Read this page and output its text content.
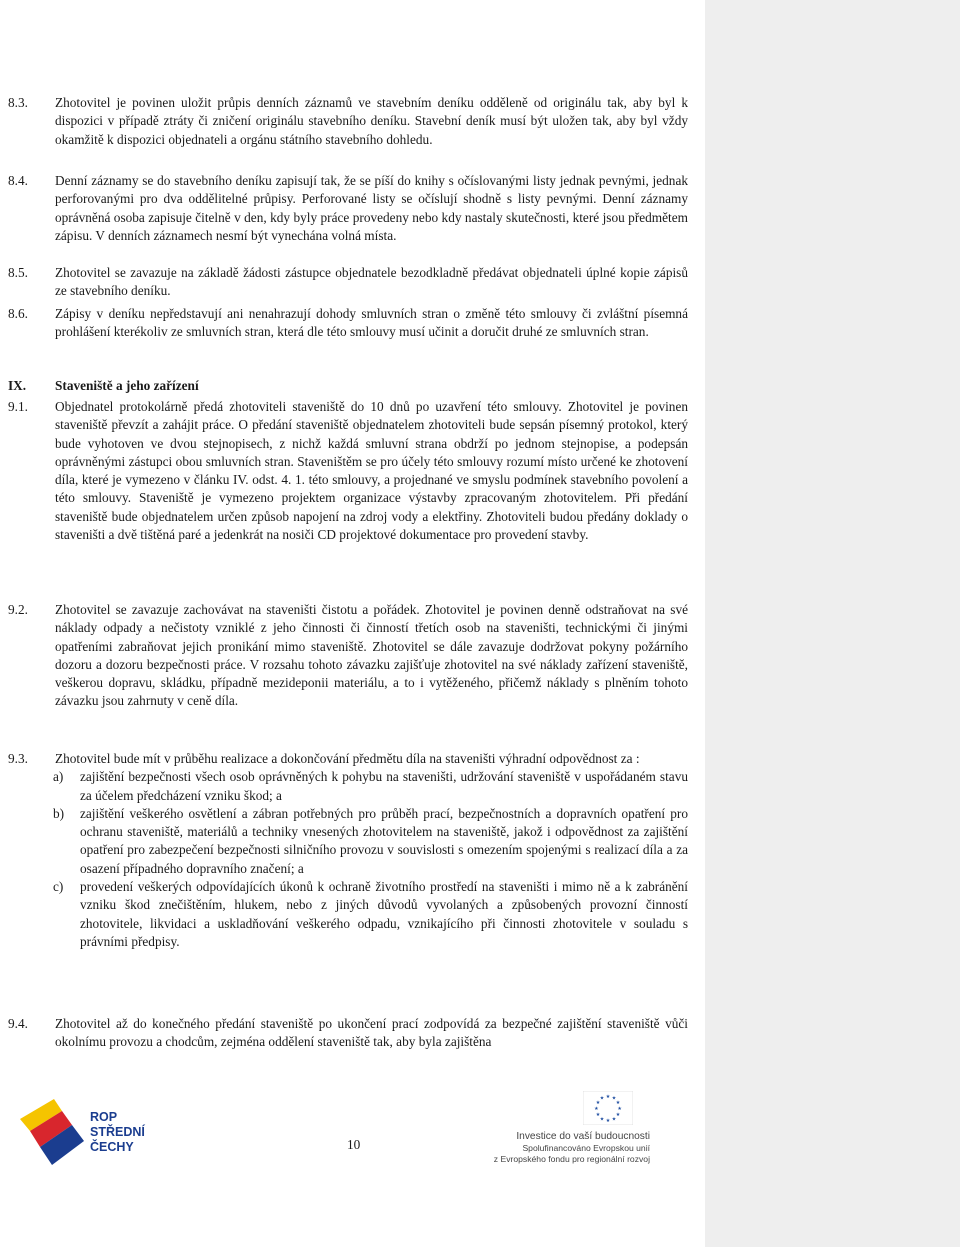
8.3. Zhotovitel je povinen uložit průpis denních záznamů ve stavebním deníku odděleně od originálu tak, aby byl k dispozici v případě ztráty či zničení originálu stavebního deníku. Stavební deník musí být uložen tak, aby byl vždy okamžitě k dispozici objednateli a orgánu státního stavebního dohledu.
8.4. Denní záznamy se do stavebního deníku zapisují tak, že se píší do knihy s očíslovanými listy jednak pevnými, jednak perforovanými pro dva oddělitelné průpisy. Perforované listy se očíslují shodně s listy pevnými. Denní záznamy oprávněná osoba zapisuje čitelně v den, kdy byly práce provedeny nebo kdy nastaly skutečnosti, které jsou předmětem zápisu. V denních záznamech nesmí být vynechána volná místa.
8.5. Zhotovitel se zavazuje na základě žádosti zástupce objednatele bezodkladně předávat objednateli úplné kopie zápisů ze stavebního deníku.
8.6. Zápisy v deníku nepředstavují ani nenahrazují dohody smluvních stran o změně této smlouvy či zvláštní písemná prohlášení kterékoliv ze smluvních stran, která dle této smlouvy musí učinit a doručit druhé ze smluvních stran.
IX. Staveniště a jeho zařízení
9.1. Objednatel protokolárně předá zhotoviteli staveniště do 10 dnů po uzavření této smlouvy. Zhotovitel je povinen staveniště převzít a zahájit práce. O předání staveniště objednatelem zhotoviteli bude sepsán písemný protokol, který bude vyhotoven ve dvou stejnopisech, z nichž každá smluvní strana obdrží po jednom stejnopise, a podepsán oprávněnými zástupci obou smluvních stran. Staveništěm se pro účely této smlouvy rozumí místo určené ke zhotovení díla, které je vymezeno v článku IV. odst. 4. 1. této smlouvy, a projednané ve smyslu podmínek stavebního povolení a této smlouvy. Staveniště je vymezeno projektem organizace výstavby zpracovaným zhotovitelem. Při předání staveniště bude objednatelem určen způsob napojení na zdroj vody a elektřiny. Zhotoviteli budou předány doklady o staveništi a dvě tištěná paré a jedenkrát na nosiči CD projektové dokumentace pro provedení stavby.
9.2. Zhotovitel se zavazuje zachovávat na staveništi čistotu a pořádek. Zhotovitel je povinen denně odstraňovat na své náklady odpady a nečistoty vzniklé z jeho činnosti či činností třetích osob na staveništi, technickými či jinými opatřeními zabraňovat jejich pronikání mimo staveniště. Zhotovitel se dále zavazuje dodržovat pokyny požárního dozoru a dozoru bezpečnosti práce. V rozsahu tohoto závazku zajišťuje zhotovitel na své náklady zařízení staveniště, veškerou dopravu, skládku, případně mezideponii materiálu, a to i vytěženého, přičemž náklady s plněním tohoto závazku jsou zahrnuty v ceně díla.
9.3. Zhotovitel bude mít v průběhu realizace a dokončování předmětu díla na staveništi výhradní odpovědnost za :
a) zajištění bezpečnosti všech osob oprávněných k pohybu na staveništi, udržování staveniště v uspořádaném stavu za účelem předcházení vzniku škod; a
b) zajištění veškerého osvětlení a zábran potřebných pro průběh prací, bezpečnostních a dopravních opatření pro ochranu staveniště, materiálů a techniky vnesených zhotovitelem na staveniště, jakož i odpovědnost za zajištění opatření pro zabezpečení bezpečnosti silničního provozu v souvislosti s omezením spojenými s realizací díla a za osazení případného dopravního značení; a
c) provedení veškerých odpovídajících úkonů k ochraně životního prostředí na staveništi i mimo ně a k zabránění vzniku škod znečištěním, hlukem, nebo z jiných důvodů vyvolaných a způsobených provozní činností zhotovitele, likvidaci a uskladňování veškerého odpadu, vznikajícího při činnosti zhotovitele v souladu s právními předpisy.
9.4. Zhotovitel až do konečného předání staveniště po ukončení prací zodpovídá za bezpečné zajištění staveniště vůči okolnímu provozu a chodcům, zejména oddělení staveniště tak, aby byla zajištěna
ROP
STŘEDNÍ
ČECHY	10
★ ★
★
★
★
★
★
★
★
★
★
★
Investice do vaší budoucnosti
Spolufinancováno Evropskou unií
z Evropského fondu pro regionální rozvoj
